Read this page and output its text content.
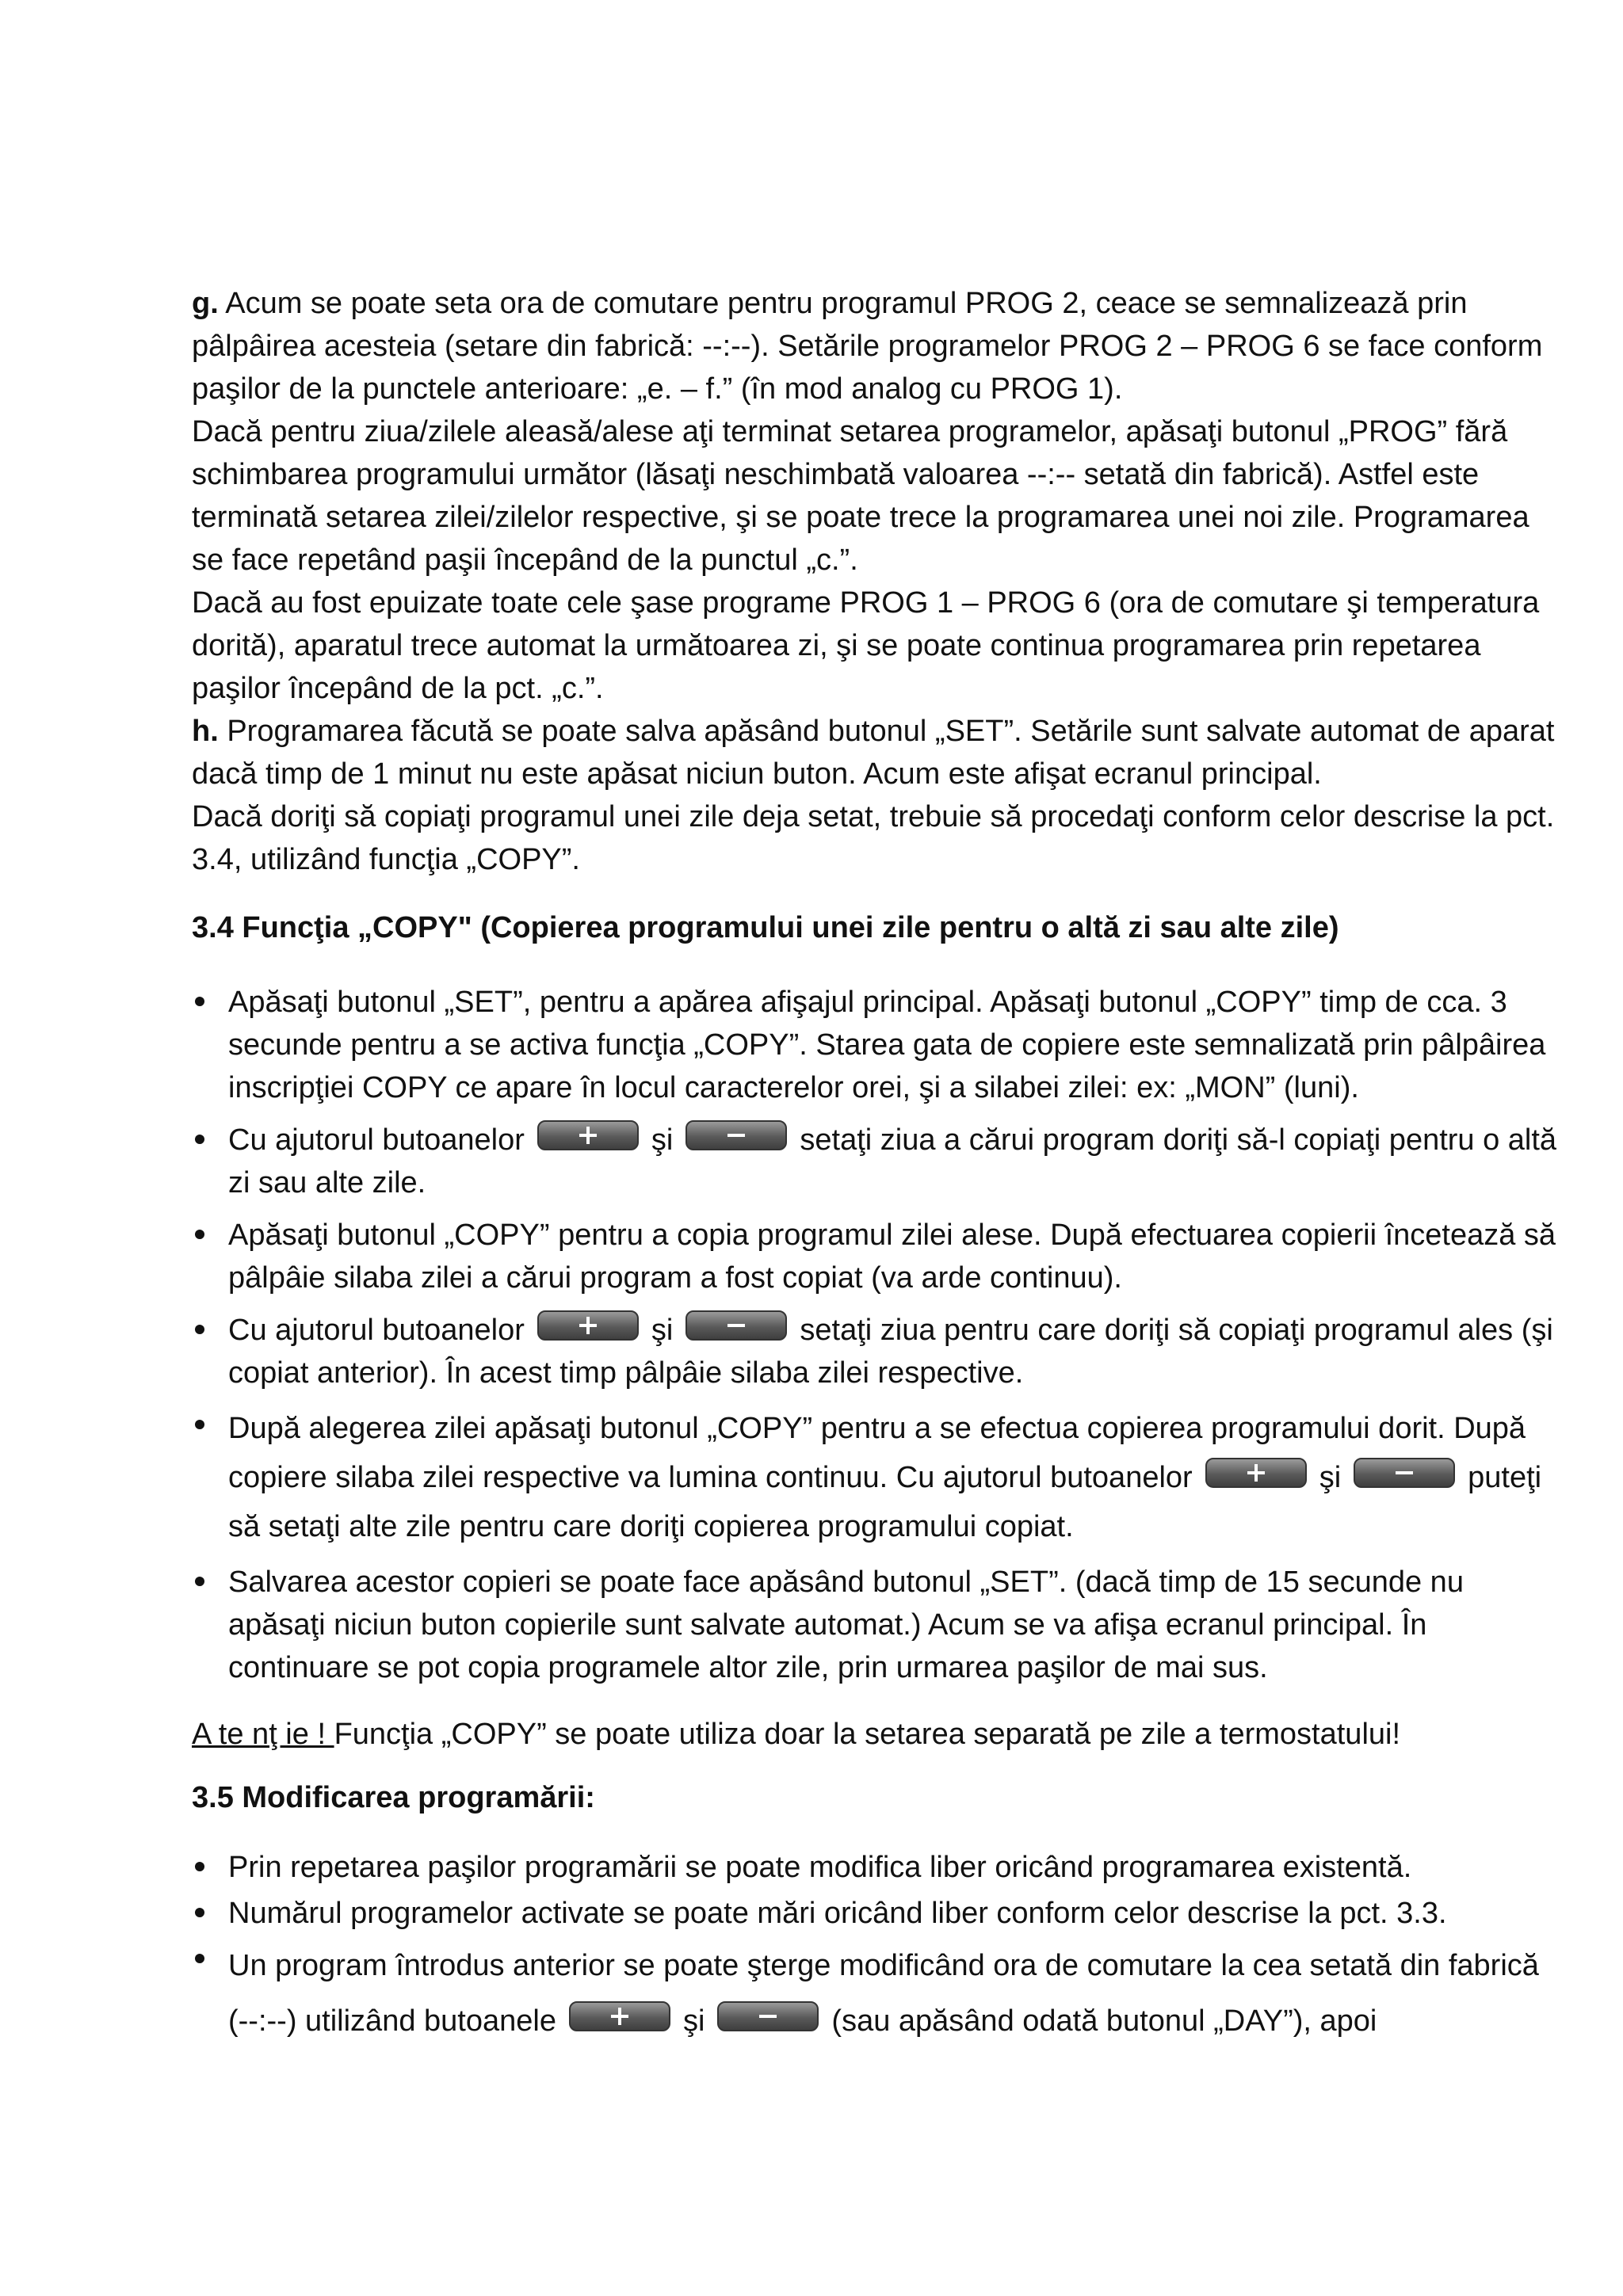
g. Acum se poate seta ora de comutare pentru programul PROG 2, ceace se semnalizează prin pâlpâirea acesteia (setare din fabrică: --:--). Setările programelor PROG 2 – PROG 6 se face conform paşilor de la punctele anterioare: „e. – f.” (în mod analog cu PROG 1).

Dacă pentru ziua/zilele aleasă/alese aţi terminat setarea programelor, apăsaţi butonul „PROG” fără schimbarea programului următor (lăsaţi neschimbată valoarea --:-- setată din fabrică). Astfel este terminată setarea zilei/zilelor respective, şi se poate trece la programarea unei noi zile. Programarea se face repetând paşii începând de la punctul „c.”.

Dacă au fost epuizate toate cele şase programe PROG 1 – PROG 6 (ora de comutare şi temperatura dorită), aparatul trece automat la următoarea zi, şi se poate continua programarea prin repetarea paşilor începând de la pct. „c.”.

h. Programarea făcută se poate salva apăsând butonul „SET”. Setările sunt salvate automat de aparat dacă timp de 1 minut nu este apăsat niciun buton. Acum este afişat ecranul principal.

Dacă doriţi să copiaţi programul unei zile deja setat, trebuie să procedaţi conform celor descrise la pct. 3.4, utilizând funcţia „COPY”.

3.4 Funcţia „COPY" (Copierea programului unei zile pentru o altă zi sau alte zile)

Apăsaţi butonul „SET”, pentru a apărea afişajul principal. Apăsaţi butonul „COPY” timp de cca. 3 secunde pentru a se activa funcţia „COPY”. Starea gata de copiere este semnalizată prin pâlpâirea inscripţiei COPY ce apare în locul caracterelor orei, şi a silabei zilei: ex: „MON” (luni).
Cu ajutorul butoanelor	şi	setaţi ziua a cărui program doriţi să-l copiaţi pentru o altă zi sau alte zile.
Apăsaţi butonul „COPY” pentru a copia programul zilei alese. După efectuarea copierii încetează să pâlpâie silaba zilei a cărui program a fost copiat (va arde continuu).
Cu ajutorul butoanelor	şi	setaţi ziua pentru care doriţi să copiaţi programul ales (şi copiat anterior). În acest timp pâlpâie silaba zilei respective.
După alegerea zilei apăsaţi butonul „COPY” pentru a se efectua copierea programului dorit. După copiere silaba zilei respective va lumina continuu. Cu ajutorul butoanelor	şi	puteţi să setaţi alte zile pentru care doriţi copierea programului copiat.
Salvarea acestor copieri se poate face apăsând butonul „SET”. (dacă timp de 15 secunde nu apăsaţi niciun buton copierile sunt salvate automat.) Acum se va afişa ecranul principal. În continuare se pot copia programele altor zile, prin urmarea paşilor de mai sus.

A te nţ ie ! Funcţia „COPY” se poate utiliza doar la setarea separată pe zile a termostatului!

3.5 Modificarea programării:

Prin repetarea paşilor programării se poate modifica liber oricând programarea existentă.
Numărul programelor activate se poate mări oricând liber conform celor descrise la pct. 3.3.
Un program întrodus anterior se poate şterge modificând ora de comutare la cea setată din fabrică (--:--) utilizând butoanele	şi	(sau apăsând odată butonul „DAY”), apoi
